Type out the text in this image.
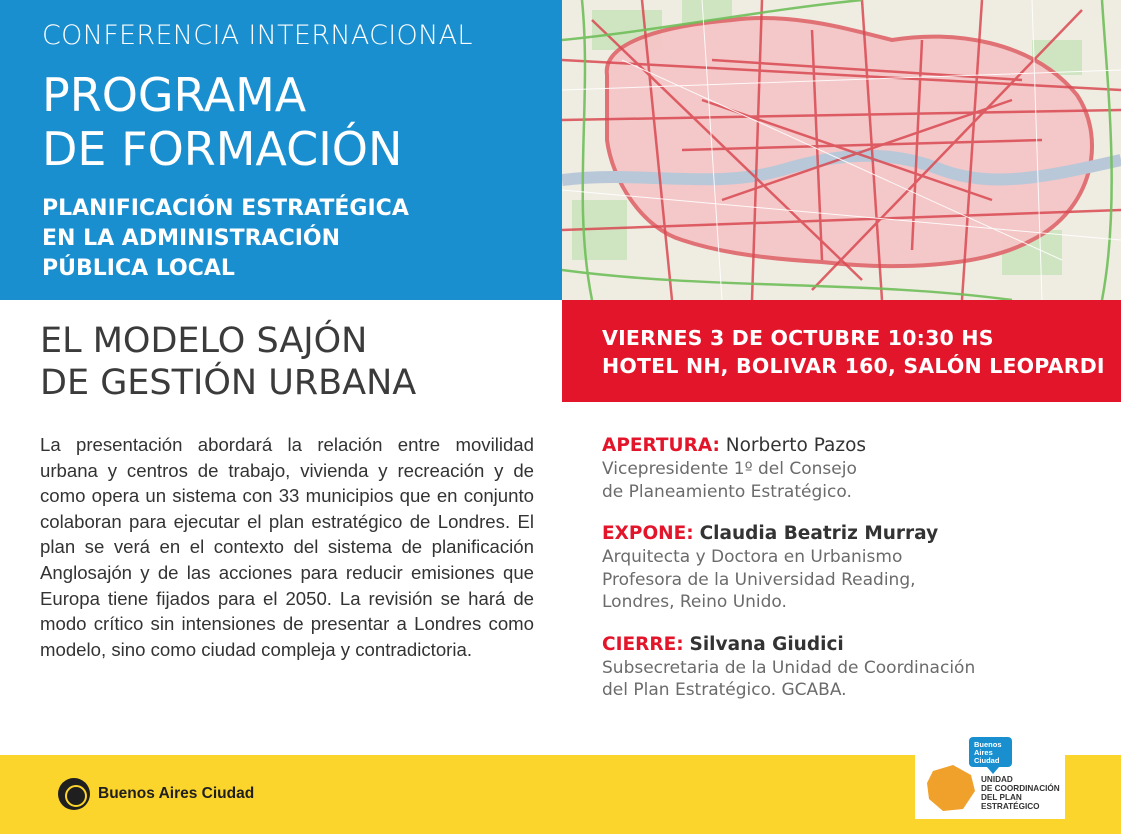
CONFERENCIA INTERNACIONAL
PROGRAMA
DE FORMACIÓN
PLANIFICACIÓN ESTRATÉGICA
EN LA ADMINISTRACIÓN
PÚBLICA LOCAL
VIERNES 3 DE OCTUBRE 10:30 HS
HOTEL NH, BOLIVAR 160, SALÓN LEOPARDI
EL MODELO SAJÓN
DE GESTIÓN URBANA

La presentación abordará la relación entre movilidad urbana y centros de trabajo, vivienda y recreación y de como opera un sistema con 33 municipios que en conjunto colaboran para ejecutar el plan estratégico de Londres. El plan se verá en el contexto del sistema de planificación Anglosajón y de las acciones para reducir emisiones que Europa tiene fijados para el 2050. La revisión se hará de modo crítico sin intensiones de presentar a Londres como modelo, sino como ciudad compleja y contradictoria.

APERTURA: Norberto Pazos
Vicepresidente 1º del Consejo
de Planeamiento Estratégico.
EXPONE: Claudia Beatriz Murray
Arquitecta y Doctora en Urbanismo
Profesora de la Universidad Reading,
Londres, Reino Unido.
CIERRE: Silvana Giudici
Subsecretaria de la Unidad de Coordinación
del Plan Estratégico. GCABA.
Buenos Aires Ciudad
Buenos
Aires
Ciudad
UNIDAD
DE COORDINACIÓN
DEL PLAN
ESTRATÉGICO
